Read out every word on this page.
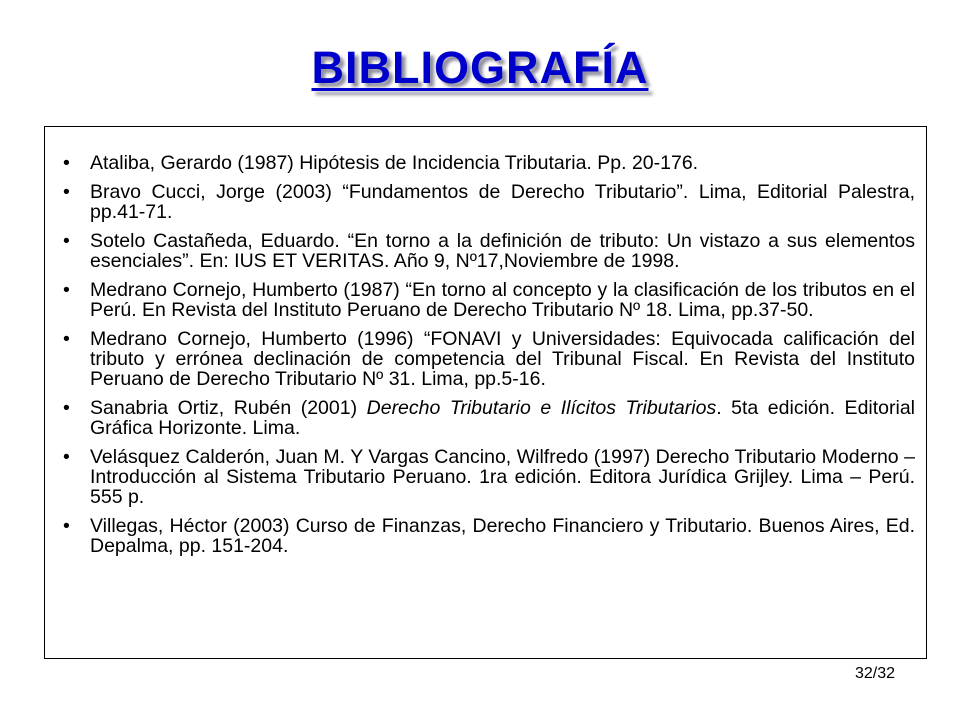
BIBLIOGRAFÍA
• Ataliba, Gerardo (1987) Hipótesis de Incidencia Tributaria. Pp. 20-176.
• Bravo Cucci, Jorge (2003) “Fundamentos de Derecho Tributario”. Lima, Editorial Palestra, pp.41-71.
• Sotelo Castañeda, Eduardo. “En torno a la definición de tributo: Un vistazo a sus elementos esenciales”. En: IUS ET VERITAS. Año 9, Nº17,Noviembre de 1998.
• Medrano Cornejo, Humberto (1987) “En torno al concepto y la clasificación de los tributos en el Perú. En Revista del Instituto Peruano de Derecho Tributario Nº 18. Lima, pp.37-50.
• Medrano Cornejo, Humberto (1996) “FONAVI y Universidades: Equivocada calificación del tributo y errónea declinación de competencia del Tribunal Fiscal. En Revista del Instituto Peruano de Derecho Tributario Nº 31. Lima, pp.5-16.
• Sanabria Ortiz, Rubén (2001) Derecho Tributario e Ilícitos Tributarios. 5ta edición. Editorial Gráfica Horizonte. Lima.
• Velásquez Calderón, Juan M. Y Vargas Cancino, Wilfredo (1997) Derecho Tributario Moderno – Introducción al Sistema Tributario Peruano. 1ra edición. Editora Jurídica Grijley. Lima – Perú. 555 p.
• Villegas, Héctor (2003) Curso de Finanzas, Derecho Financiero y Tributario. Buenos Aires, Ed. Depalma, pp. 151-204.
32/32
